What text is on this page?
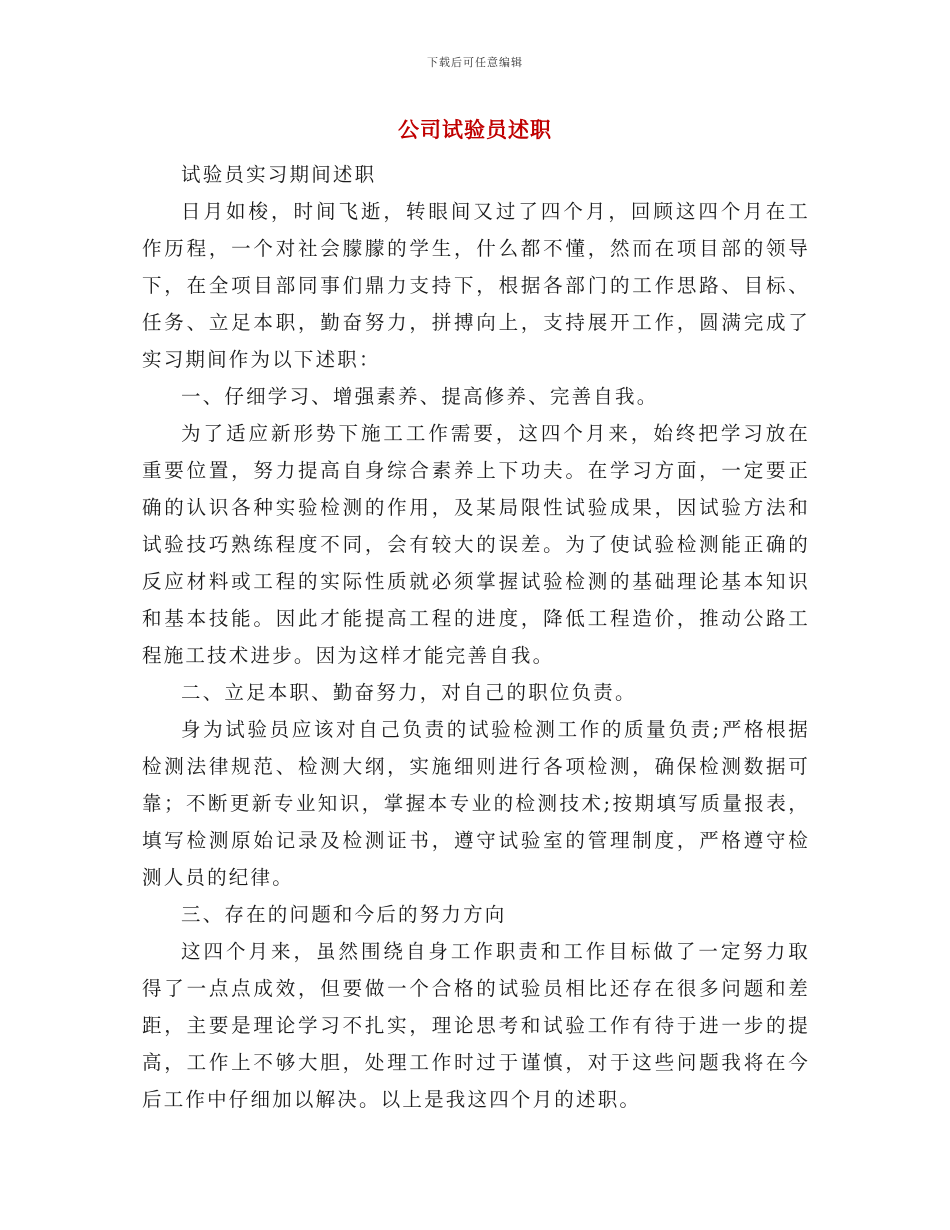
下载后可任意编辑
公司试验员述职

试验员实习期间述职

日月如梭，时间飞逝，转眼间又过了四个月，回顾这四个月在工作历程，一个对社会朦朦的学生，什么都不懂，然而在项目部的领导下，在全项目部同事们鼎力支持下，根据各部门的工作思路、目标、任务、立足本职，勤奋努力，拼搏向上，支持展开工作，圆满完成了实习期间作为以下述职：

一、仔细学习、增强素养、提高修养、完善自我。

为了适应新形势下施工工作需要，这四个月来，始终把学习放在重要位置，努力提高自身综合素养上下功夫。在学习方面，一定要正确的认识各种实验检测的作用，及某局限性试验成果，因试验方法和试验技巧熟练程度不同，会有较大的误差。为了使试验检测能正确的反应材料或工程的实际性质就必须掌握试验检测的基础理论基本知识和基本技能。因此才能提高工程的进度，降低工程造价，推动公路工程施工技术进步。因为这样才能完善自我。

二、立足本职、勤奋努力，对自己的职位负责。

身为试验员应该对自己负责的试验检测工作的质量负责;严格根据检测法律规范、检测大纲，实施细则进行各项检测，确保检测数据可靠；不断更新专业知识，掌握本专业的检测技术;按期填写质量报表，填写检测原始记录及检测证书，遵守试验室的管理制度，严格遵守检测人员的纪律。

三、存在的问题和今后的努力方向

这四个月来，虽然围绕自身工作职责和工作目标做了一定努力取得了一点点成效，但要做一个合格的试验员相比还存在很多问题和差距，主要是理论学习不扎实，理论思考和试验工作有待于进一步的提高，工作上不够大胆，处理工作时过于谨慎，对于这些问题我将在今后工作中仔细加以解决。以上是我这四个月的述职。
